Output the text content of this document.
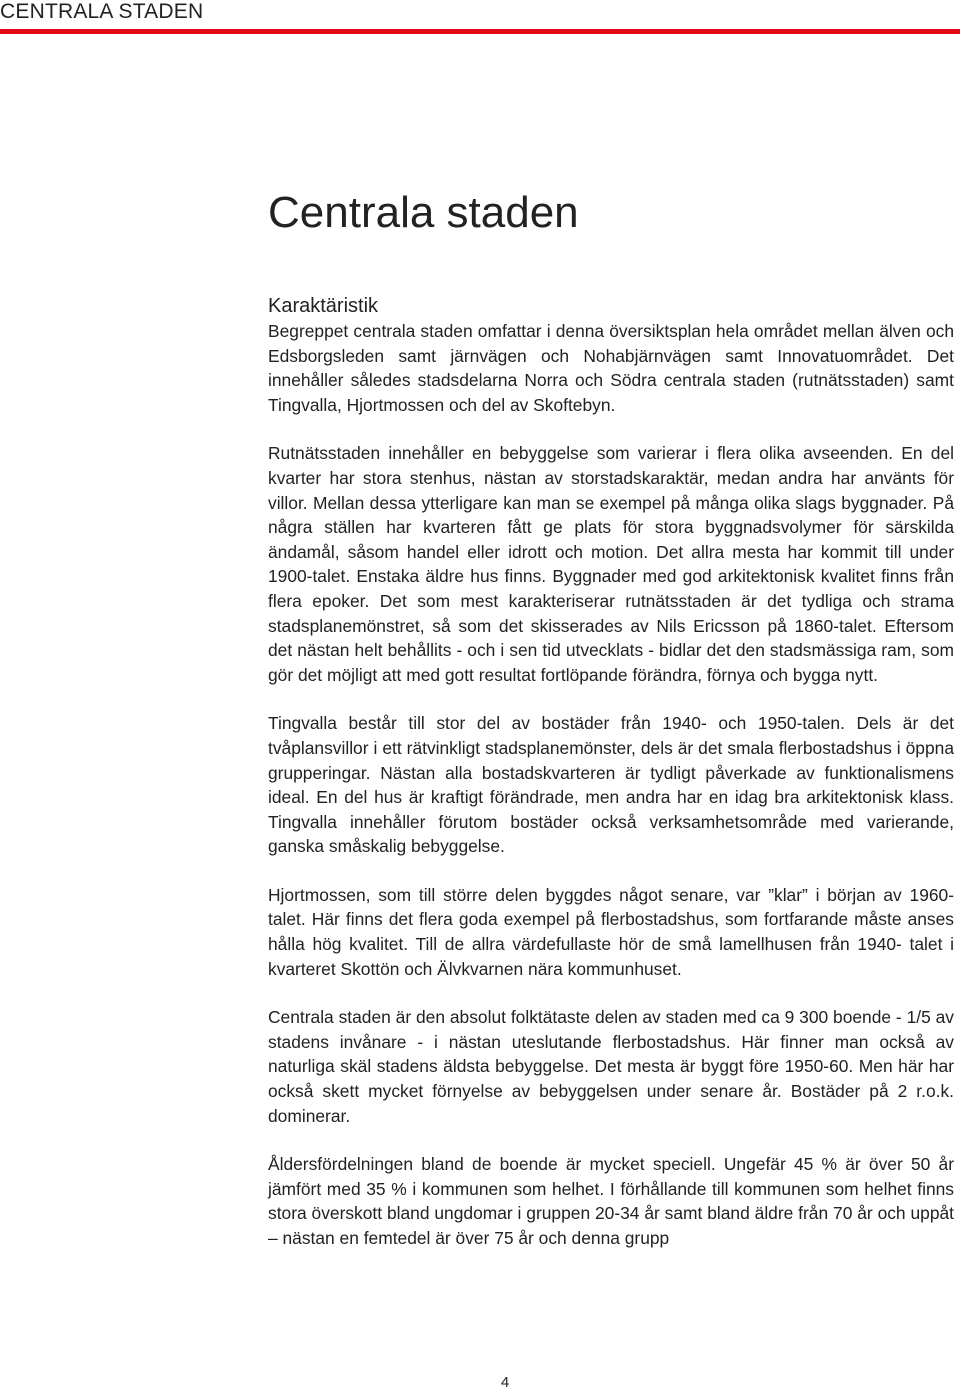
CENTRALA STADEN
Centrala staden
Karaktäristik

Begreppet centrala staden omfattar i denna översiktsplan hela området mellan älven och Edsborgsleden samt järnvägen och Nohabjärnvägen samt Innovatuområdet. Det innehåller således stadsdelarna Norra och Södra centrala staden (rutnätsstaden) samt Tingvalla, Hjortmossen och del av Skoftebyn.

Rutnätsstaden innehåller en bebyggelse som varierar i flera olika avseenden. En del kvarter har stora stenhus, nästan av storstadskaraktär, medan andra har använts för villor. Mellan dessa ytterligare kan man se exempel på många olika slags byggnader. På några ställen har kvarteren fått ge plats för stora byggnadsvolymer för särskilda ändamål, såsom handel eller idrott och motion. Det allra mesta har kommit till under 1900-talet. Enstaka äldre hus finns. Byggnader med god arkitektonisk kvalitet finns från flera epoker. Det som mest karakteriserar rutnätsstaden är det tydliga och strama stadsplanemönstret, så som det skisserades av Nils Ericsson på 1860-talet. Eftersom det nästan helt behållits - och i sen tid utvecklats - bidlar det den stadsmässiga ram, som gör det möjligt att med gott resultat fortlöpande förändra, förnya och bygga nytt.

Tingvalla består till stor del av bostäder från 1940- och 1950-talen. Dels är det tvåplansvillor i ett rätvinkligt stadsplanemönster, dels är det smala flerbostadshus i öppna grupperingar. Nästan alla bostadskvarteren är tydligt påverkade av funktionalismens ideal. En del hus är kraftigt förändrade, men andra har en idag bra arkitektonisk klass. Tingvalla innehåller förutom bostäder också verksamhetsområde med varierande, ganska småskalig bebyggelse.

Hjortmossen, som till större delen byggdes något senare, var ”klar” i början av 1960- talet. Här finns det flera goda exempel på flerbostadshus, som fortfarande måste anses hålla hög kvalitet. Till de allra värdefullaste hör de små lamellhusen från 1940- talet i kvarteret Skottön och Älvkvarnen nära kommunhuset.

Centrala staden är den absolut folktätaste delen av staden med ca 9 300 boende - 1/5 av stadens invånare - i nästan uteslutande flerbostadshus. Här finner man också av naturliga skäl stadens äldsta bebyggelse. Det mesta är byggt före 1950-60. Men här har också skett mycket förnyelse av bebyggelsen under senare år. Bostäder på 2 r.o.k. dominerar.

Åldersfördelningen bland de boende är mycket speciell. Ungefär 45 % är över 50 år jämfört med 35 % i kommunen som helhet. I förhållande till kommunen som helhet finns stora överskott bland ungdomar i gruppen 20-34 år samt bland äldre från 70 år och uppåt – nästan en femtedel är över 75 år och denna grupp

4
